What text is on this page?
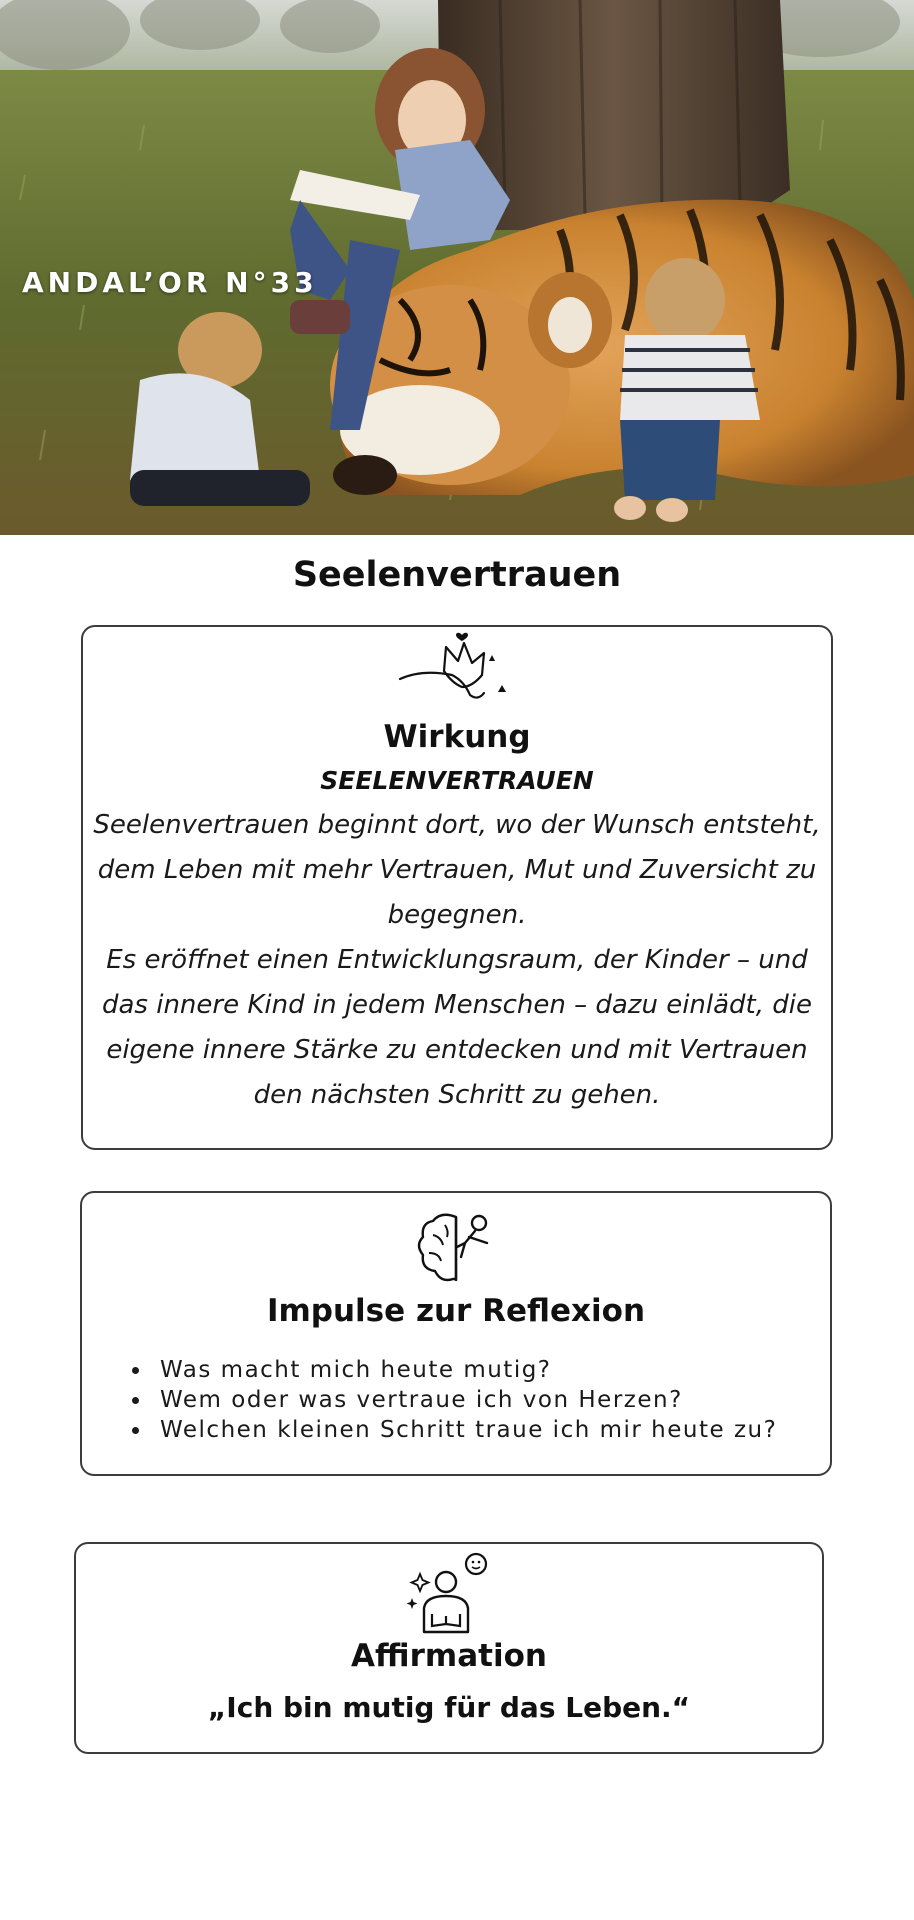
ANDAL’OR N°33
Seelenvertrauen
Wirkung
SEELENVERTRAUEN
Seelenvertrauen beginnt dort, wo der Wunsch entsteht, dem Leben mit mehr Vertrauen, Mut und Zuversicht zu begegnen.
Es eröffnet einen Entwicklungsraum, der Kinder – und das innere Kind in jedem Menschen – dazu einlädt, die eigene innere Stärke zu entdecken und mit Vertrauen den nächsten Schritt zu gehen.
Impulse zur Reflexion
Was macht mich heute mutig?
Wem oder was vertraue ich von Herzen?
Welchen kleinen Schritt traue ich mir heute zu?
Affirmation
„Ich bin mutig für das Leben.“
